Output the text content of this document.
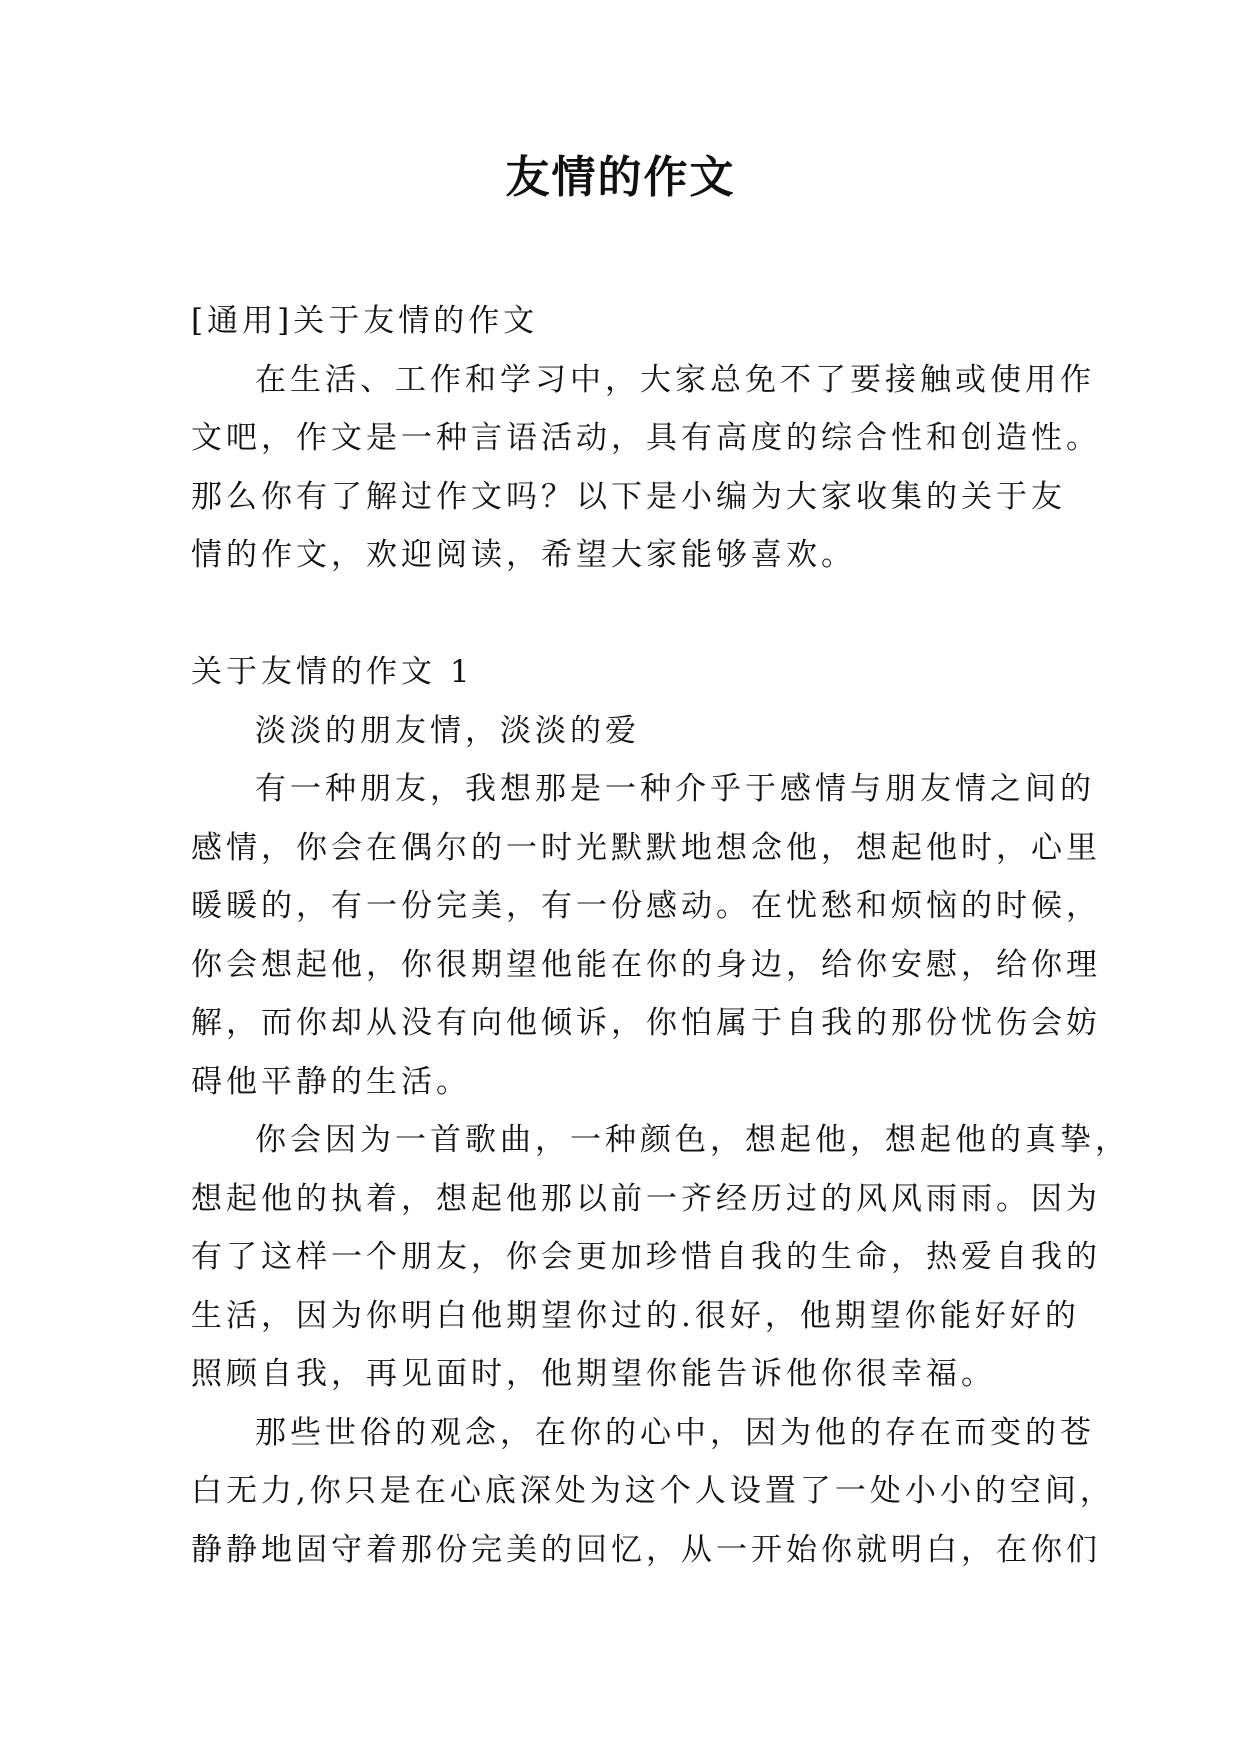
友情的作文
[通用]关于友情的作文
在生活、工作和学习中，大家总免不了要接触或使用作
文吧，作文是一种言语活动，具有高度的综合性和创造性。
那么你有了解过作文吗？以下是小编为大家收集的关于友
情的作文，欢迎阅读，希望大家能够喜欢。
关于友情的作文 1
淡淡的朋友情，淡淡的爱
有一种朋友，我想那是一种介乎于感情与朋友情之间的
感情，你会在偶尔的一时光默默地想念他，想起他时，心里
暖暖的，有一份完美，有一份感动。在忧愁和烦恼的时候，
你会想起他，你很期望他能在你的身边，给你安慰，给你理
解，而你却从没有向他倾诉，你怕属于自我的那份忧伤会妨
碍他平静的生活。
你会因为一首歌曲，一种颜色，想起他，想起他的真挚，
想起他的执着，想起他那以前一齐经历过的风风雨雨。因为
有了这样一个朋友，你会更加珍惜自我的生命，热爱自我的
生活，因为你明白他期望你过的.很好，他期望你能好好的
照顾自我，再见面时，他期望你能告诉他你很幸福。
那些世俗的观念，在你的心中，因为他的存在而变的苍
白无力,你只是在心底深处为这个人设置了一处小小的空间，
静静地固守着那份完美的回忆，从一开始你就明白，在你们
